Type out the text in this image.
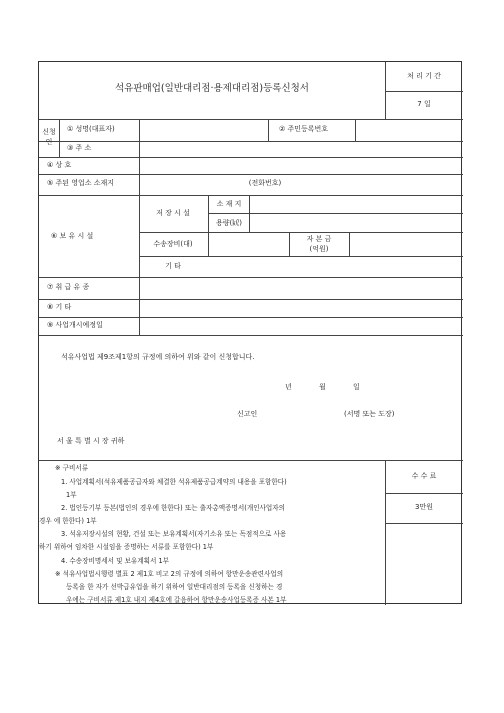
석유판매업(일반대리점·용제대리점)등록신청서
처 리 기 간
7 일
신청
인
① 성명(대표자)	② 주민등록번호
③ 주 소
④ 상 호
⑤ 주된 영업소 소재지	(전화번호)
⑥ 보 유 시 설
저 장 시 설
소 재 지
용량(㎘)
수송장비(대)
자 본 금
(억원)
기 타
⑦ 취 급 유 종
⑧ 기 타
⑨ 사업개시예정일
석유사업법 제9조제1항의 규정에 의하여 위와 같이 신청합니다.
년	월	일
신고인	(서명 또는 도장)
서 울 특 별 시 장 귀하
※ 구비서류
1. 사업계획서(석유제품공급자와 체결한 석유제품공급계약의 내용을 포함한다)
1부
2. 법인등기부 등본(법인의 경우에 한한다) 또는 출자총액증명서(개인사업자의
경우 에 한한다) 1부
3. 석유저장시설의 현황, 건설 또는 보유계획서(자기소유 또는 독점적으로 사용
하기 위하여 임차한 시설임을 증명하는 서류를 포함한다) 1부
4. 수송장비명세서 및 보유계획서 1부
※ 석유사업법시행령 별표 2 제1호 비고 2의 규정에 의하여 항만운송관련사업의
등록을 한 자가 선박급유업을 하기 위하여 일반대리점의 등록을 신청하는 경
우에는 구비서류 제1호 내지 제4호에 갈음하여 항만운송사업등록증 사본 1부
수 수 료
3만원
